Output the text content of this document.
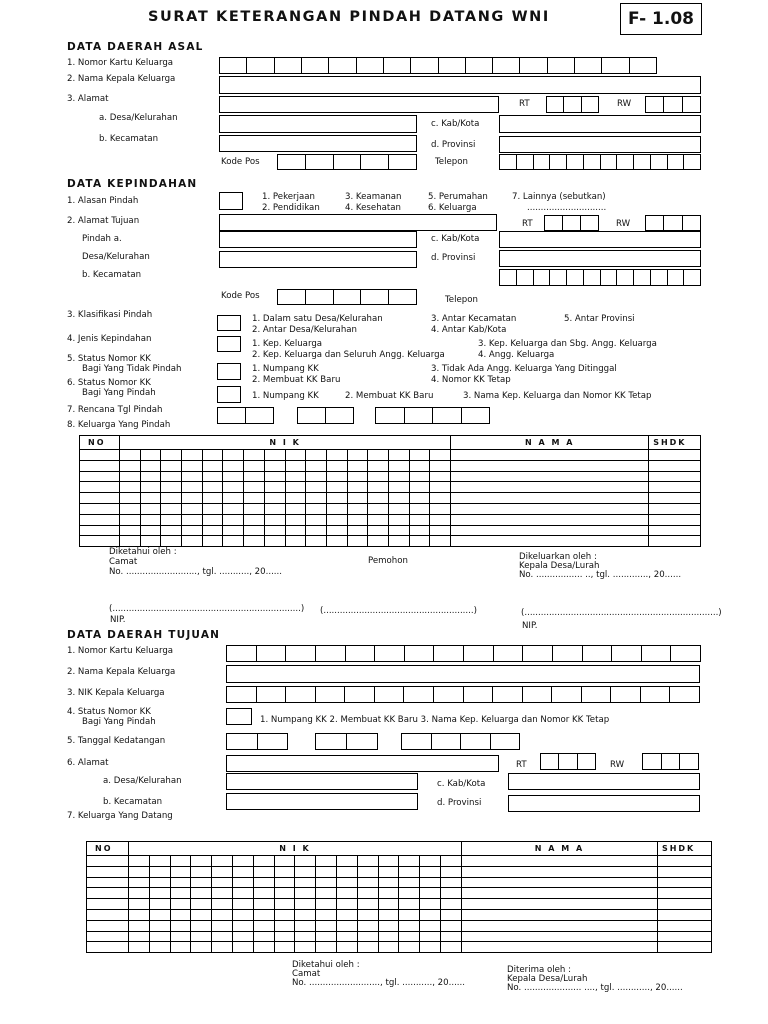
SURAT KETERANGAN PINDAH DATANG WNI	F- 1.08
DATA DAERAH ASAL
1. Nomor Kartu Keluarga
2. Nama Kepala Keluarga
3. Alamat	RT	RW
a. Desa/Kelurahan
c. Kab/Kota
b. Kecamatan
d. Provinsi
Kode Pos	Telepon
DATA KEPINDAHAN
1. Alasan Pindah	1. Pekerjaan
2. Pendidikan
3. Keamanan
4. Kesehatan
5. Perumahan
6. Keluarga
7. Lainnya (sebutkan)
.............................
2. Alamat Tujuan	RT	RW
Pindah a.	c. Kab/Kota
Desa/Kelurahan	d. Provinsi
b. Kecamatan
Kode Pos	Telepon
3. Klasifikasi Pindah	1. Dalam satu Desa/Kelurahan
2. Antar Desa/Kelurahan
3. Antar Kecamatan
4. Antar Kab/Kota
5. Antar Provinsi
4. Jenis Kepindahan	1. Kep. Keluarga
2. Kep. Keluarga dan Seluruh Angg. Keluarga
3. Kep. Keluarga dan Sbg. Angg. Keluarga
4. Angg. Keluarga
5. Status Nomor KK
Bagi Yang Tidak Pindah	1. Numpang KK
2. Membuat KK Baru
3. Tidak Ada Angg. Keluarga Yang Ditinggal
4. Nomor KK Tetap
6. Status Nomor KK
Bagi Yang Pindah	1. Numpang KK	2. Membuat KK Baru	3. Nama Kep. Keluarga dan Nomor KK Tetap
7. Rencana Tgl Pindah
8. Keluarga Yang Pindah
NO	N I K																N A M A	SHDK

Diketahui oleh :
Camat
No. .........................., tgl. ..........., 20......
Pemohon	Dikeluarkan oleh :
Kepala Desa/Lurah
No. ................. .., tgl. ............., 20......
(.....................................................................)
NIP.
(.......................................................)	(.......................................................................)
NIP.
DATA DAERAH TUJUAN
1. Nomor Kartu Keluarga
2. Nama Kepala Keluarga
3. NIK Kepala Keluarga
4. Status Nomor KK
Bagi Yang Pindah	1. Numpang KK 2. Membuat KK Baru 3. Nama Kep. Keluarga dan Nomor KK Tetap
5. Tanggal Kedatangan
6. Alamat	RT	RW
a. Desa/Kelurahan	c. Kab/Kota
b. Kecamatan	d. Provinsi
7. Keluarga Yang Datang
NO	N I K																N A M A	SHDK

Diketahui oleh :
Camat
No. .........................., tgl. ..........., 20......
Diterima oleh :
Kepala Desa/Lurah
No. ..................... ...., tgl. ............, 20......
